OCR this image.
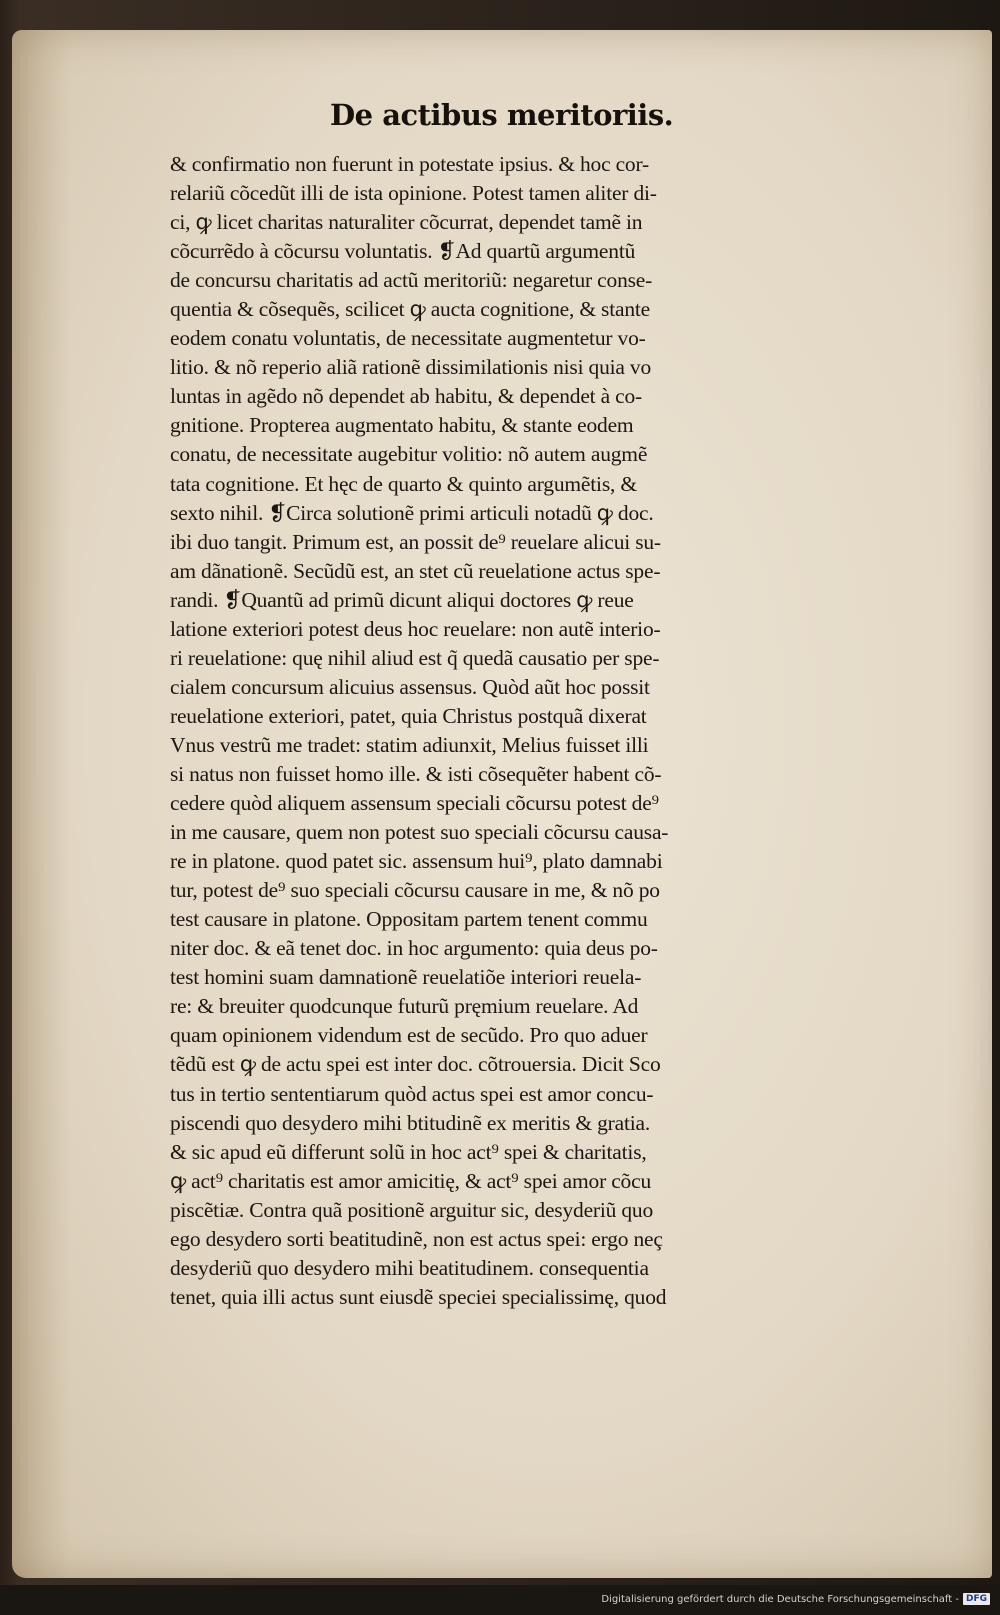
De actibus meritoriis.
& confirmatio non fuerunt in potestate ipsius. & hoc cor-
relariũ cõcedũt illi de ista opinione. Potest tamen aliter di-
ci, ꝙ licet charitas naturaliter cõcurrat, dependet tamẽ in
cõcurrẽdo à cõcursu voluntatis. ❡Ad quartũ argumentũ
de concursu charitatis ad actũ meritoriũ: negaretur conse-
quentia & cõsequẽs, scilicet ꝙ aucta cognitione, & stante
eodem conatu voluntatis, de necessitate augmentetur vo-
litio. & nõ reperio aliã rationẽ dissimilationis nisi quia vo
luntas in agẽdo nõ dependet ab habitu, & dependet à co-
gnitione. Propterea augmentato habitu, & stante eodem
conatu, de necessitate augebitur volitio: nõ autem augmẽ
tata cognitione. Et hęc de quarto & quinto argumẽtis, &
sexto nihil. ❡Circa solutionẽ primi articuli notadũ ꝙ doc.
ibi duo tangit. Primum est, an possit de⁹ reuelare alicui su-
am dãnationẽ. Secũdũ est, an stet cũ reuelatione actus spe-
randi. ❡Quantũ ad primũ dicunt aliqui doctores ꝙ reue
latione exteriori potest deus hoc reuelare: non autẽ interio-
ri reuelatione: quę nihil aliud est q̃ quedã causatio per spe-
cialem concursum alicuius assensus. Quòd aũt hoc possit
reuelatione exteriori, patet, quia Christus postquã dixerat
Vnus vestrũ me tradet: statim adiunxit, Melius fuisset illi
si natus non fuisset homo ille. & isti cõsequẽter habent cõ-
cedere quòd aliquem assensum speciali cõcursu potest de⁹
in me causare, quem non potest suo speciali cõcursu causa-
re in platone. quod patet sic. assensum hui⁹, plato damnabi
tur, potest de⁹ suo speciali cõcursu causare in me, & nõ po
test causare in platone. Oppositam partem tenent commu
niter doc. & eã tenet doc. in hoc argumento: quia deus po-
test homini suam damnationẽ reuelatiõe interiori reuela-
re: & breuiter quodcunque futurũ pręmium reuelare. Ad
quam opinionem videndum est de secũdo. Pro quo aduer
tẽdũ est ꝙ de actu spei est inter doc. cõtrouersia. Dicit Sco
tus in tertio sententiarum quòd actus spei est amor concu-
piscendi quo desydero mihi btitudinẽ ex meritis & gratia.
& sic apud eũ differunt solũ in hoc act⁹ spei & charitatis,
ꝙ act⁹ charitatis est amor amicitię, & act⁹ spei amor cõcu
piscẽtiæ. Contra quã positionẽ arguitur sic, desyderiũ quo
ego desydero sorti beatitudinẽ, non est actus spei: ergo neç
desyderiũ quo desydero mihi beatitudinem. consequentia
tenet, quia illi actus sunt eiusdẽ speciei specialissimę, quod
Digitalisierung gefördert durch die Deutsche Forschungsgemeinschaft - DFG
